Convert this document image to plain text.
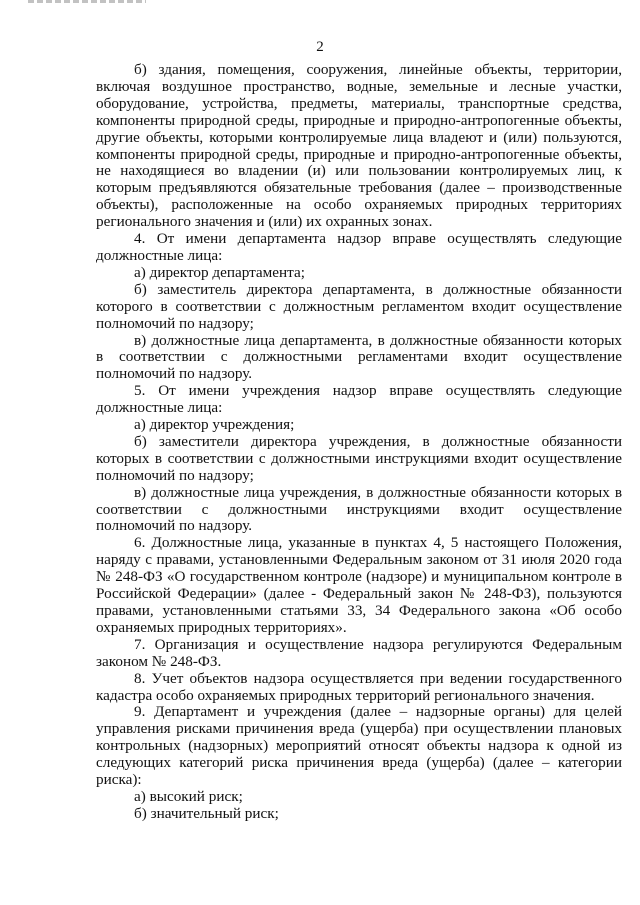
2

б) здания, помещения, сооружения, линейные объекты, территории, включая воздушное пространство, водные, земельные и лесные участки, оборудование, устройства, предметы, материалы, транспортные средства, компоненты природной среды, природные и природно-антропогенные объекты, другие объекты, которыми контролируемые лица владеют и (или) пользуются, компоненты природной среды, природные и природно-антропогенные объекты, не находящиеся во владении (и) или пользовании контролируемых лиц, к которым предъявляются обязательные требования (далее – производственные объекты), расположенные на особо охраняемых природных территориях регионального значения и (или) их охранных зонах.

4. От имени департамента надзор вправе осуществлять следующие должностные лица:

а) директор департамента;

б) заместитель директора департамента, в должностные обязанности которого в соответствии с должностным регламентом входит осуществление полномочий по надзору;

в) должностные лица департамента, в должностные обязанности которых в соответствии с должностными регламентами входит осуществление полномочий по надзору.

5. От имени учреждения надзор вправе осуществлять следующие должностные лица:

а) директор учреждения;

б) заместители директора учреждения, в должностные обязанности которых в соответствии с должностными инструкциями входит осуществление полномочий по надзору;

в) должностные лица учреждения, в должностные обязанности которых в соответствии с должностными инструкциями входит осуществление полномочий по надзору.

6. Должностные лица, указанные в пунктах 4, 5 настоящего Положения, наряду с правами, установленными Федеральным законом от 31 июля 2020 года № 248-ФЗ «О государственном контроле (надзоре) и муниципальном контроле в Российской Федерации» (далее - Федеральный закон № 248-ФЗ), пользуются правами, установленными статьями 33, 34 Федерального закона «Об особо охраняемых природных территориях».

7. Организация и осуществление надзора регулируются Федеральным законом № 248-ФЗ.

8. Учет объектов надзора осуществляется при ведении государственного кадастра особо охраняемых природных территорий регионального значения.

9. Департамент и учреждения (далее – надзорные органы) для целей управления рисками причинения вреда (ущерба) при осуществлении плановых контрольных (надзорных) мероприятий относят объекты надзора к одной из следующих категорий риска причинения вреда (ущерба) (далее – категории риска):

а) высокий риск;

б) значительный риск;
